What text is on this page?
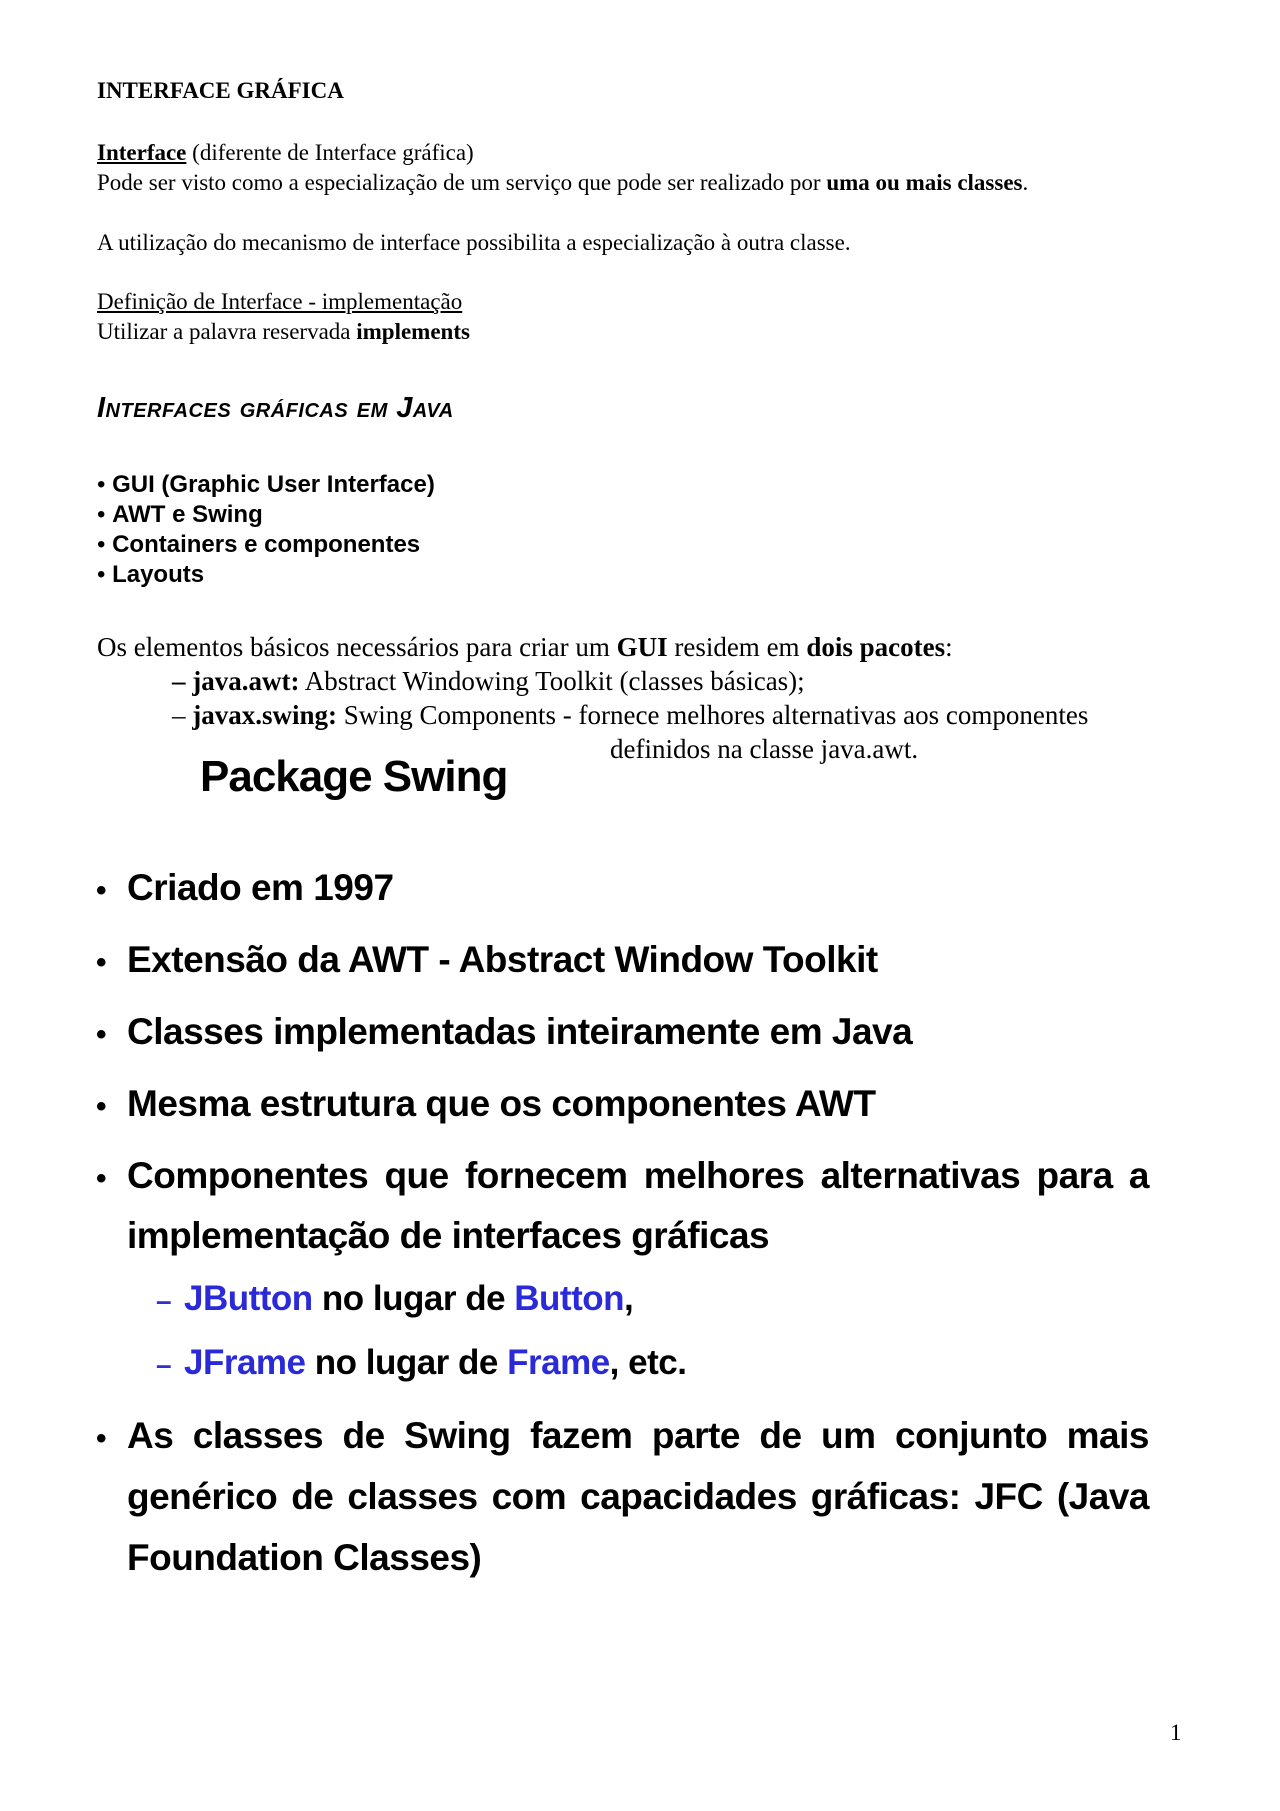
INTERFACE GRÁFICA
Interface (diferente de Interface gráfica)
Pode ser visto como a especialização de um serviço que pode ser realizado por uma ou mais classes.
A utilização do mecanismo de interface possibilita a especialização à outra classe.
Definição de Interface - implementação
Utilizar a palavra reservada implements
Interfaces gráficas em Java
• GUI (Graphic User Interface)
• AWT e Swing
• Containers e componentes
• Layouts
Os elementos básicos necessários para criar um GUI residem em dois pacotes:
– java.awt: Abstract Windowing Toolkit (classes básicas);
– javax.swing: Swing Components - fornece melhores alternativas aos componentes
definidos na classe java.awt.
Package Swing
• Criado em 1997
• Extensão da AWT - Abstract Window Toolkit
• Classes implementadas inteiramente em Java
• Mesma estrutura que os componentes AWT
• Componentes que fornecem melhores alternativas para a
implementação de interfaces gráficas
– JButton no lugar de Button,
– JFrame no lugar de Frame, etc.
• As classes de Swing fazem parte de um conjunto mais
genérico de classes com capacidades gráficas: JFC (Java
Foundation Classes)
1
